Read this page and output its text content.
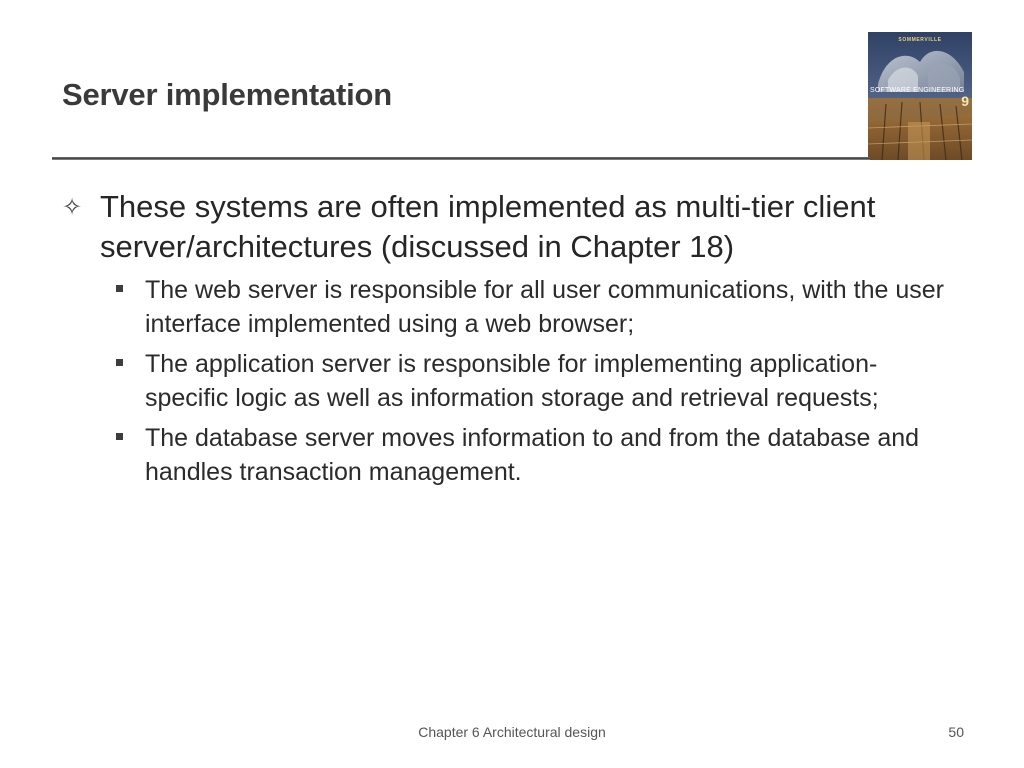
Server implementation
SOMMERVILLE
SOFTWARE ENGINEERING
9
✧ These systems are often implemented as multi-tier client server/architectures (discussed in Chapter 18)
The web server is responsible for all user communications, with the user interface implemented using a web browser;
The application server is responsible for implementing application-specific logic as well as information storage and retrieval requests;
The database server moves information to and from the database and handles transaction management.
Chapter 6 Architectural design	50
